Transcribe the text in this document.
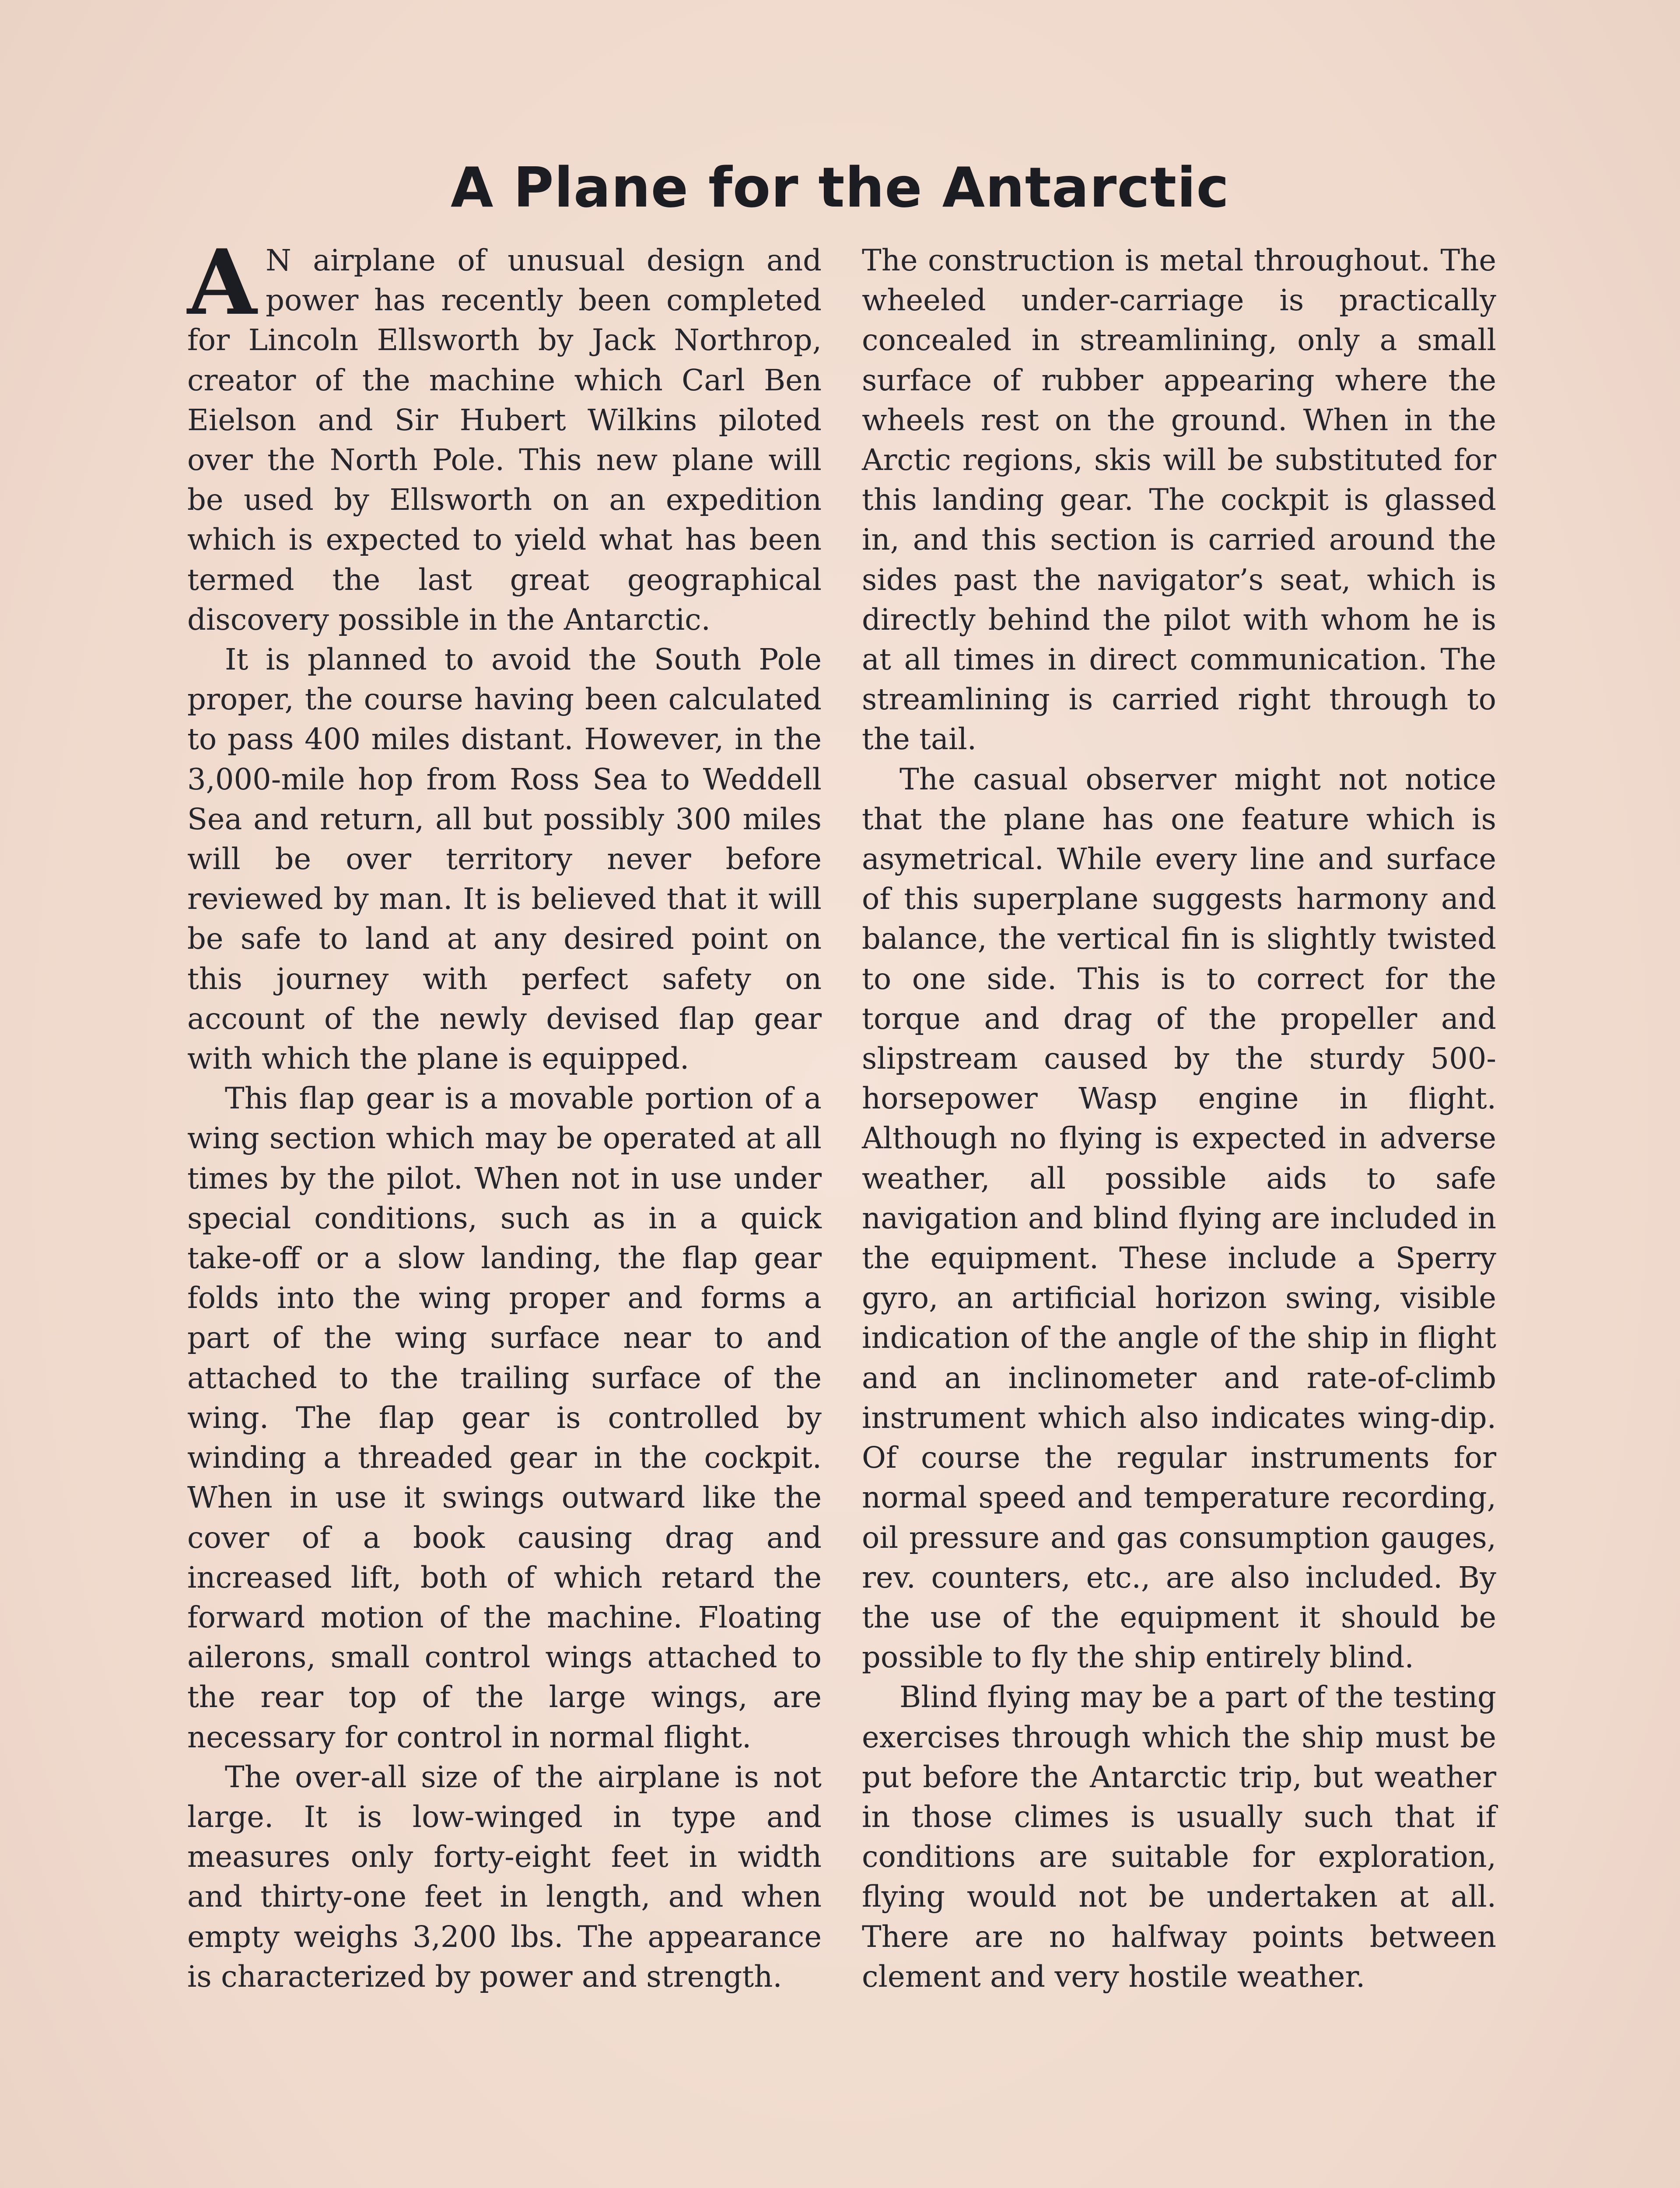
A Plane for the Antarctic

A N airplane of unusual design and power has recently been completed for Lincoln Ellsworth by Jack Northrop, creator of the machine which Carl Ben Eielson and Sir Hubert Wilkins piloted over the North Pole. This new plane will be used by Ellsworth on an expedition which is expected to yield what has been termed the last great geographical discovery possible in the Antarctic.

It is planned to avoid the South Pole proper, the course having been calculated to pass 400 miles distant. However, in the 3,000-mile hop from Ross Sea to Weddell Sea and return, all but possibly 300 miles will be over territory never before reviewed by man. It is believed that it will be safe to land at any desired point on this journey with perfect safety on account of the newly devised flap gear with which the plane is equipped.

This flap gear is a movable portion of a wing section which may be operated at all times by the pilot. When not in use under special conditions, such as in a quick take-off or a slow landing, the flap gear folds into the wing proper and forms a part of the wing surface near to and attached to the trailing surface of the wing. The flap gear is controlled by winding a threaded gear in the cockpit. When in use it swings outward like the cover of a book causing drag and increased lift, both of which retard the forward motion of the machine. Floating ailerons, small control wings attached to the rear top of the large wings, are necessary for control in normal flight.

The over-all size of the airplane is not large. It is low-winged in type and measures only forty-eight feet in width and thirty-one feet in length, and when empty weighs 3,200 lbs. The appearance is characterized by power and strength.

The construction is metal throughout. The wheeled under-carriage is practically concealed in streamlining, only a small surface of rubber appearing where the wheels rest on the ground. When in the Arctic regions, skis will be substituted for this landing gear. The cockpit is glassed in, and this section is carried around the sides past the navigator’s seat, which is directly behind the pilot with whom he is at all times in direct communication. The streamlining is carried right through to the tail.

The casual observer might not notice that the plane has one feature which is asymetrical. While every line and surface of this superplane suggests harmony and balance, the vertical fin is slightly twisted to one side. This is to correct for the torque and drag of the propeller and slipstream caused by the sturdy 500-horsepower Wasp engine in flight. Although no flying is expected in adverse weather, all possible aids to safe navigation and blind flying are included in the equipment. These include a Sperry gyro, an artificial horizon swing, visible indication of the angle of the ship in flight and an inclinometer and rate-of-climb instrument which also indicates wing-dip. Of course the regular instruments for normal speed and temperature recording, oil pressure and gas consumption gauges, rev. counters, etc., are also included. By the use of the equipment it should be possible to fly the ship entirely blind.

Blind flying may be a part of the testing exercises through which the ship must be put before the Antarctic trip, but weather in those climes is usually such that if conditions are suitable for exploration, flying would not be undertaken at all. There are no halfway points between clement and very hostile weather.
